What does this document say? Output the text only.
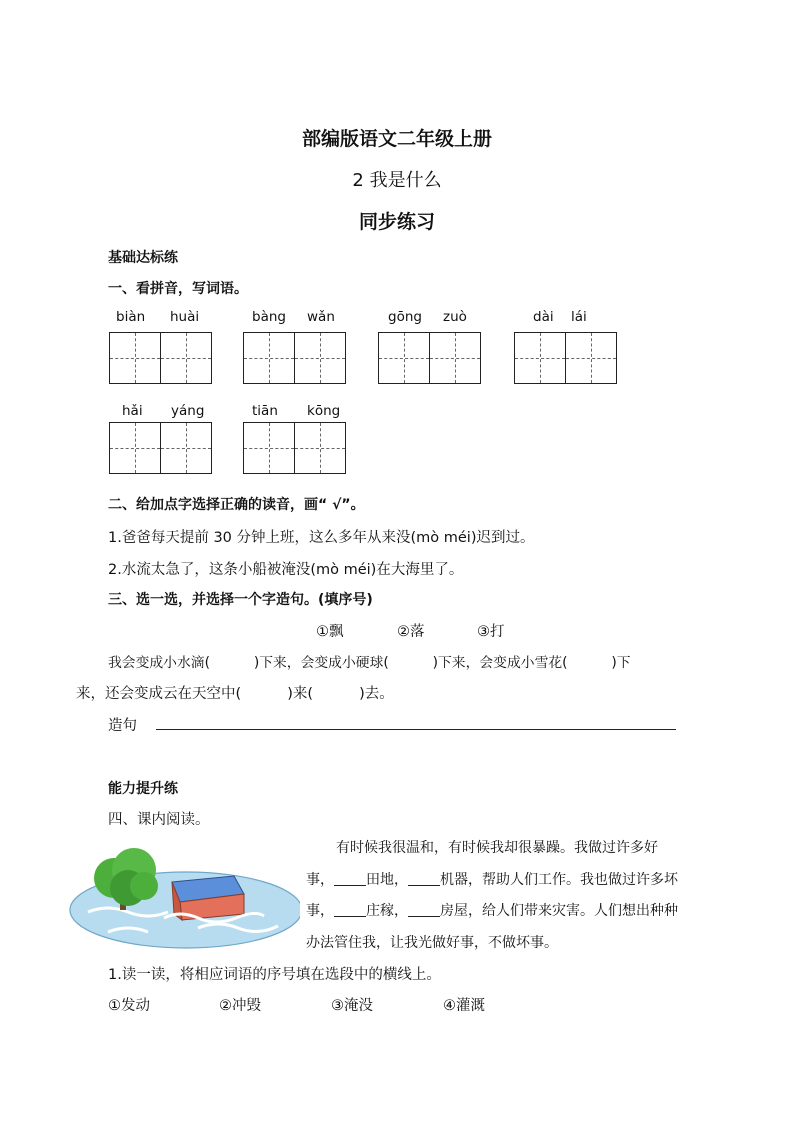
部编版语文二年级上册
2 我是什么
同步练习
基础达标练
一、看拼音，写词语。
biàn huài	bàng wǎn	gōng zuò	dài lái
hǎi yáng	tiān kōng
二、给加点字选择正确的读音，画“ √”。
1.爸爸每天提前 30 分钟上班，这么多年从来没(mò méi)迟到过。
2.水流太急了，这条小船被淹没(mò méi)在大海里了。
三、选一选，并选择一个字造句。(填序号)
①飘	②落	③打
我会变成小水滴(          )下来，会变成小硬球(          )下来，会变成小雪花(          )下
来，还会变成云在天空中(          )来(          )去。
造句
能力提升练
四、课内阅读。
有时候我很温和，有时候我却很暴躁。我做过许多好
事， 田地， 机器，帮助人们工作。我也做过许多坏
事， 庄稼， 房屋，给人们带来灾害。人们想出种种
办法管住我，让我光做好事，不做坏事。
1.读一读，将相应词语的序号填在选段中的横线上。
①发动	②冲毁	③淹没	④灌溉
